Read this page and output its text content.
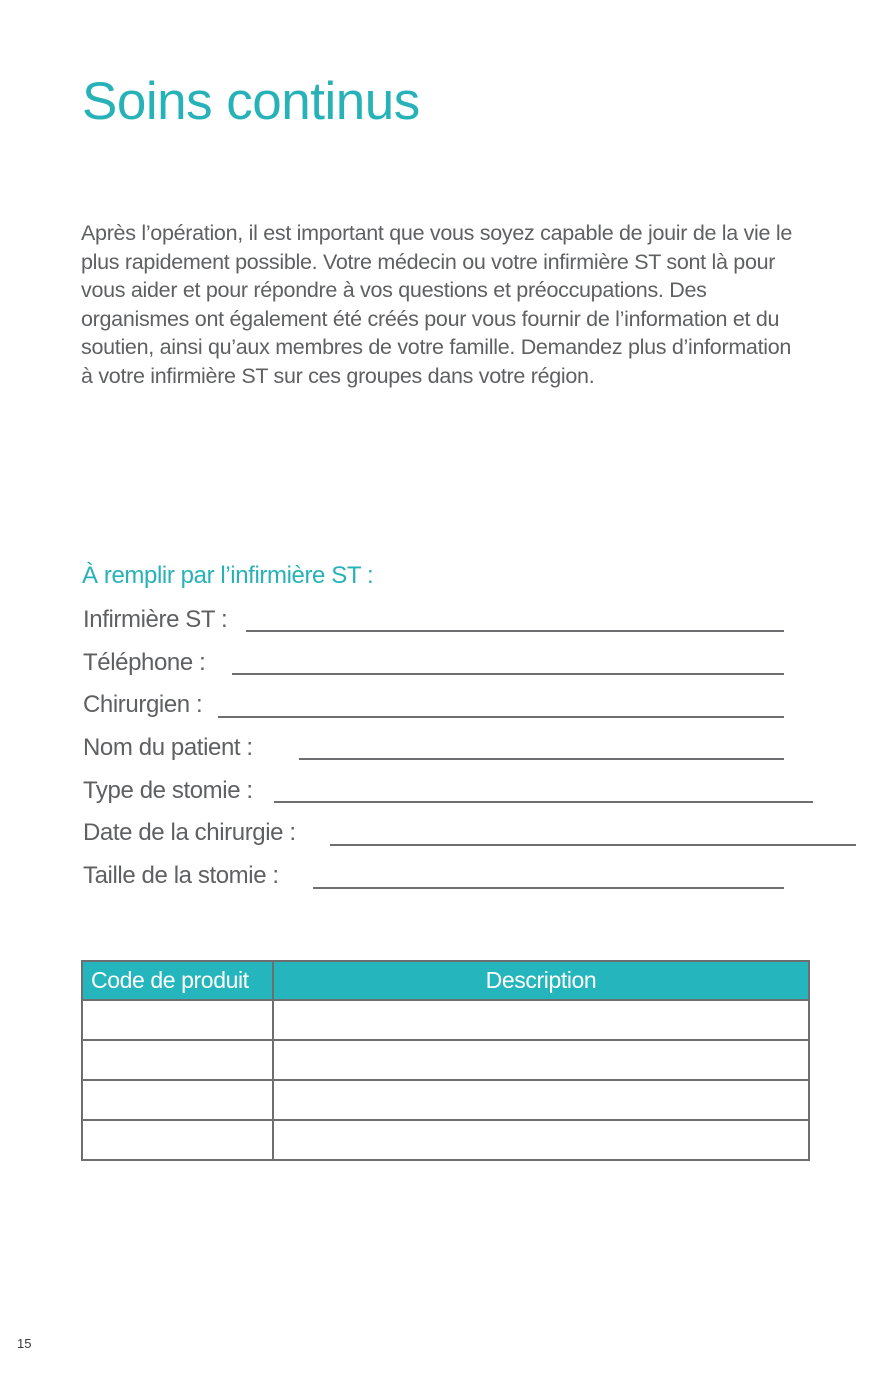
Soins continus

Après l’opération, il est important que vous soyez capable de jouir de la vie le plus rapidement possible. Votre médecin ou votre infirmière ST sont là pour vous aider et pour répondre à vos questions et préoccupations. Des organismes ont également été créés pour vous fournir de l’information et du soutien, ainsi qu’aux membres de votre famille. Demandez plus d’information à votre infirmière ST sur ces groupes dans votre région.

À remplir par l’infirmière ST :
Infirmière ST :
Téléphone :
Chirurgien :
Nom du patient :
Type de stomie :
Date de la chirurgie :
Taille de la stomie :
Code de produit	Description

15
